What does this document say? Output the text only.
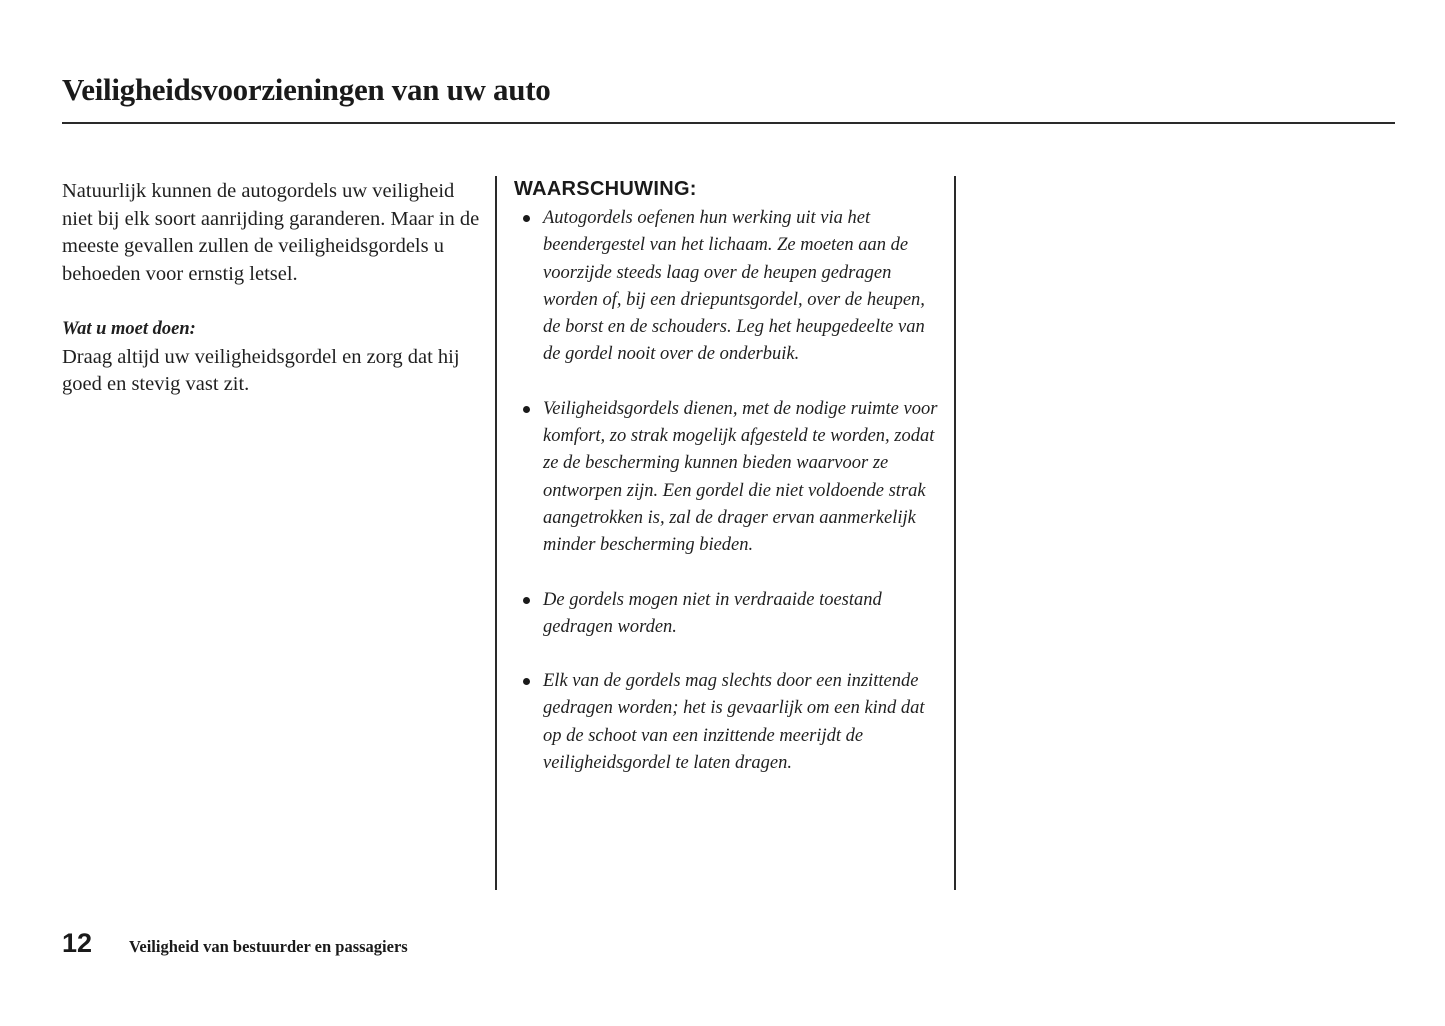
Veiligheidsvoorzieningen van uw auto

Natuurlijk kunnen de autogordels uw veiligheid niet bij elk soort aanrijding garanderen. Maar in de meeste gevallen zullen de veiligheidsgordels u behoeden voor ernstig letsel.

Wat u moet doen:

Draag altijd uw veiligheidsgordel en zorg dat hij goed en stevig vast zit.

WAARSCHUWING:
Autogordels oefenen hun werking uit via het beendergestel van het lichaam. Ze moeten aan de voorzijde steeds laag over de heupen gedragen worden of, bij een driepuntsgordel, over de heupen, de borst en de schouders. Leg het heupgedeelte van de gordel nooit over de onderbuik.
Veiligheidsgordels dienen, met de nodige ruimte voor komfort, zo strak mogelijk afgesteld te worden, zodat ze de bescherming kunnen bieden waarvoor ze ontworpen zijn. Een gordel die niet voldoende strak aangetrokken is, zal de drager ervan aanmerkelijk minder bescherming bieden.
De gordels mogen niet in verdraaide toestand gedragen worden.
Elk van de gordels mag slechts door een inzittende gedragen worden; het is gevaarlijk om een kind dat op de schoot van een inzittende meerijdt de veiligheidsgordel te laten dragen.
12	Veiligheid van bestuurder en passagiers
